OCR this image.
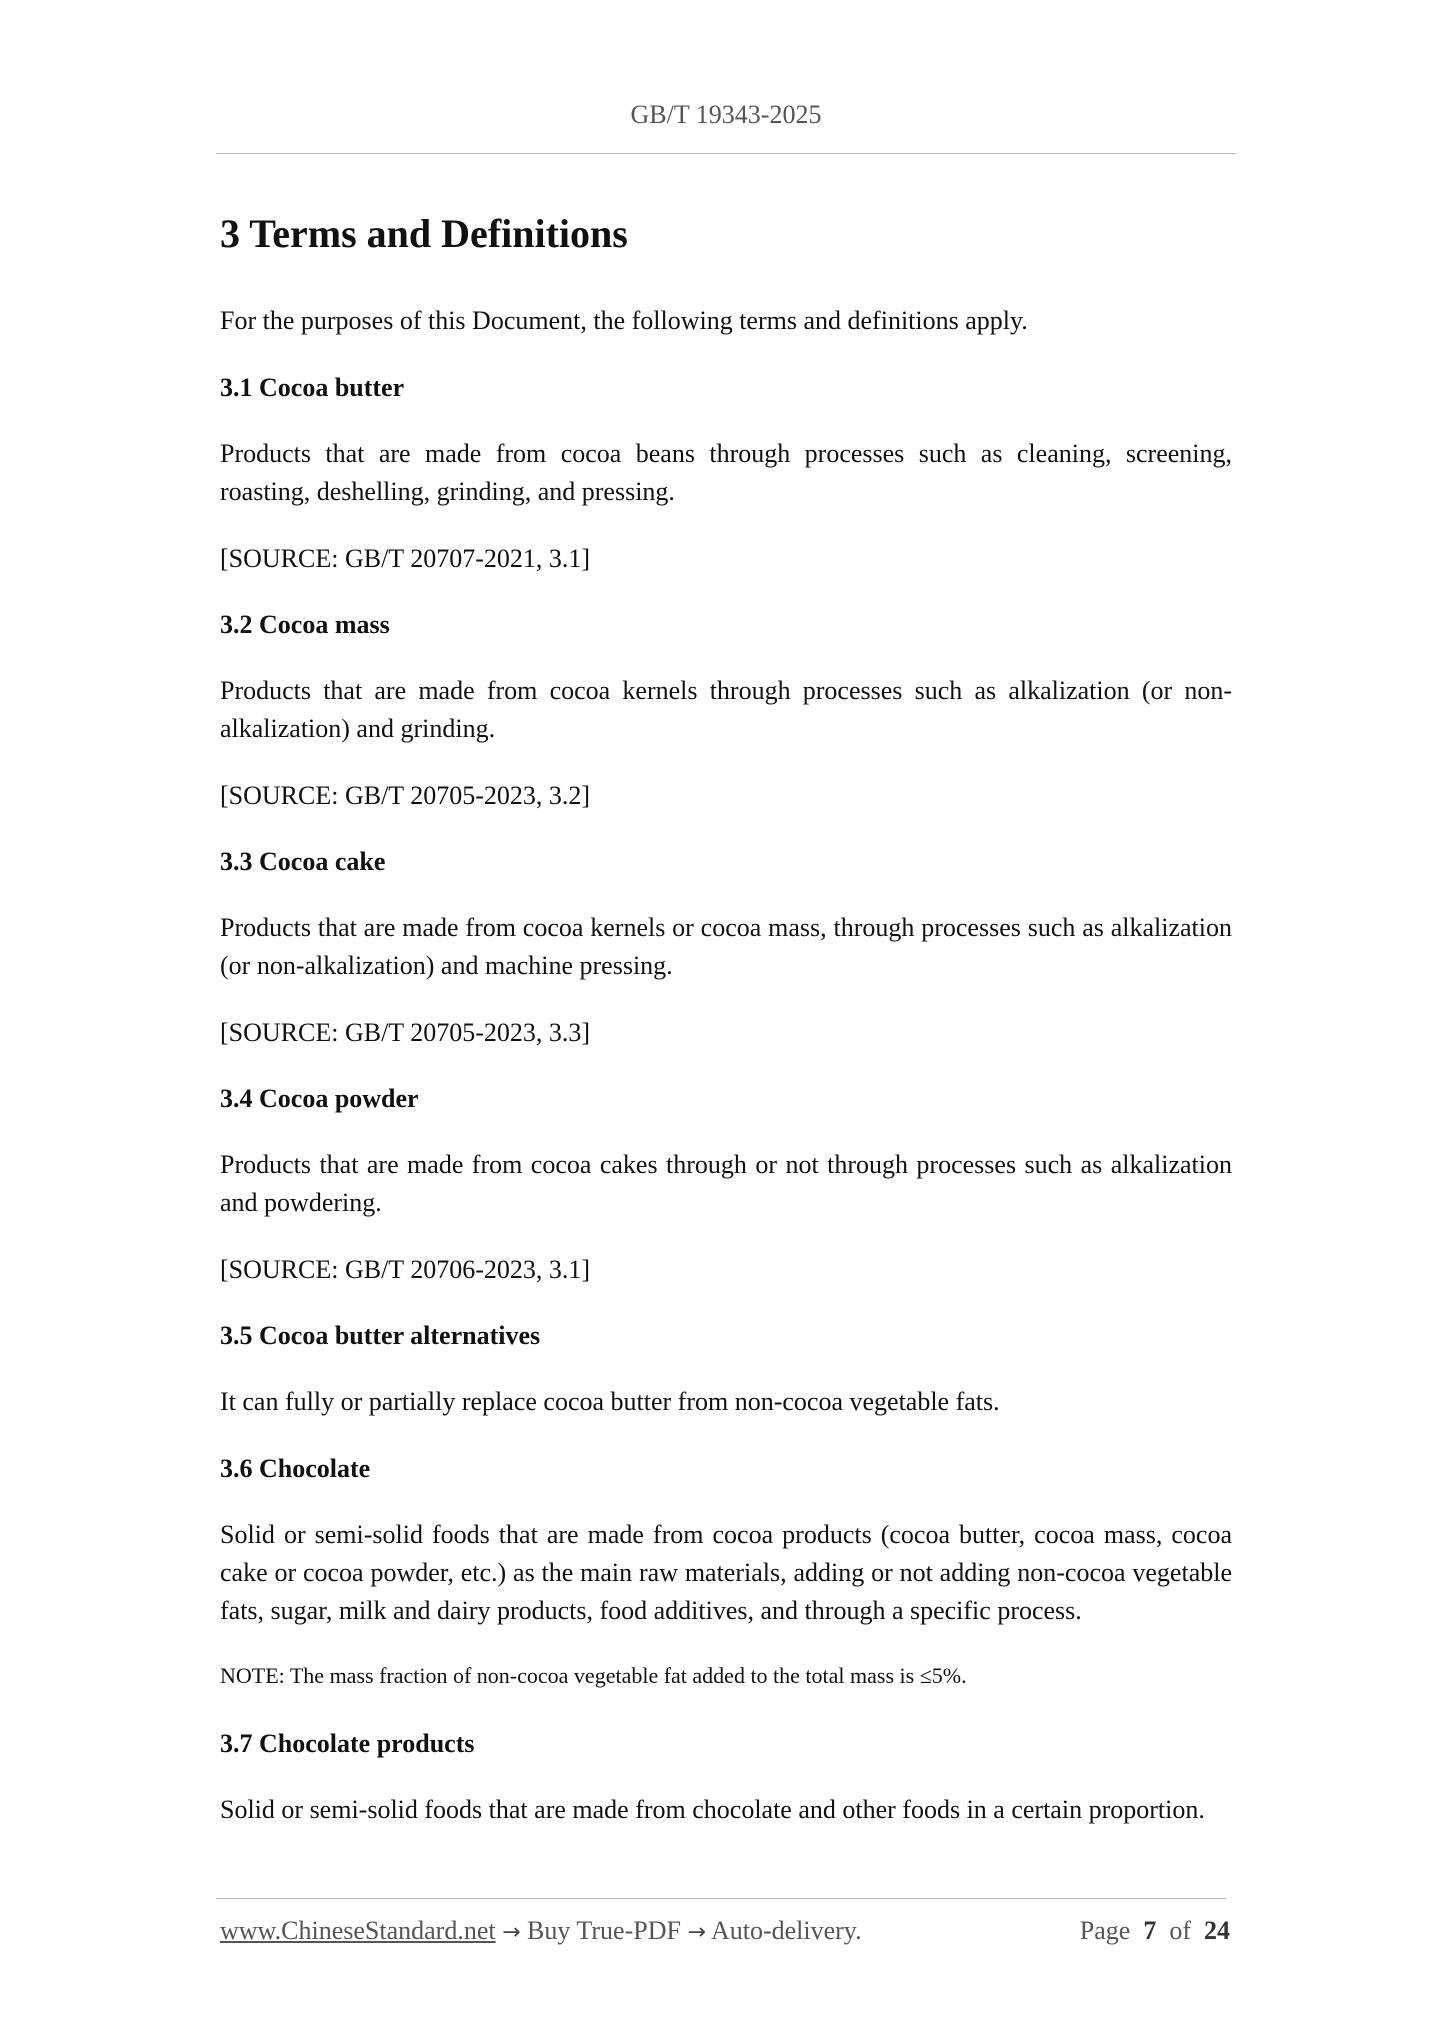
GB/T 19343-2025
3 Terms and Definitions

For the purposes of this Document, the following terms and definitions apply.

3.1 Cocoa butter

Products that are made from cocoa beans through processes such as cleaning, screening, roasting, deshelling, grinding, and pressing.

[SOURCE: GB/T 20707-2021, 3.1]

3.2 Cocoa mass

Products that are made from cocoa kernels through processes such as alkalization (or non-alkalization) and grinding.

[SOURCE: GB/T 20705-2023, 3.2]

3.3 Cocoa cake

Products that are made from cocoa kernels or cocoa mass, through processes such as alkalization (or non-alkalization) and machine pressing.

[SOURCE: GB/T 20705-2023, 3.3]

3.4 Cocoa powder

Products that are made from cocoa cakes through or not through processes such as alkalization and powdering.

[SOURCE: GB/T 20706-2023, 3.1]

3.5 Cocoa butter alternatives

It can fully or partially replace cocoa butter from non-cocoa vegetable fats.

3.6 Chocolate

Solid or semi-solid foods that are made from cocoa products (cocoa butter, cocoa mass, cocoa cake or cocoa powder, etc.) as the main raw materials, adding or not adding non-cocoa vegetable fats, sugar, milk and dairy products, food additives, and through a specific process.

NOTE: The mass fraction of non-cocoa vegetable fat added to the total mass is ≤5%.

3.7 Chocolate products

Solid or semi-solid foods that are made from chocolate and other foods in a certain proportion.

www.ChineseStandard.net → Buy True-PDF → Auto-delivery.	Page 7 of 24
